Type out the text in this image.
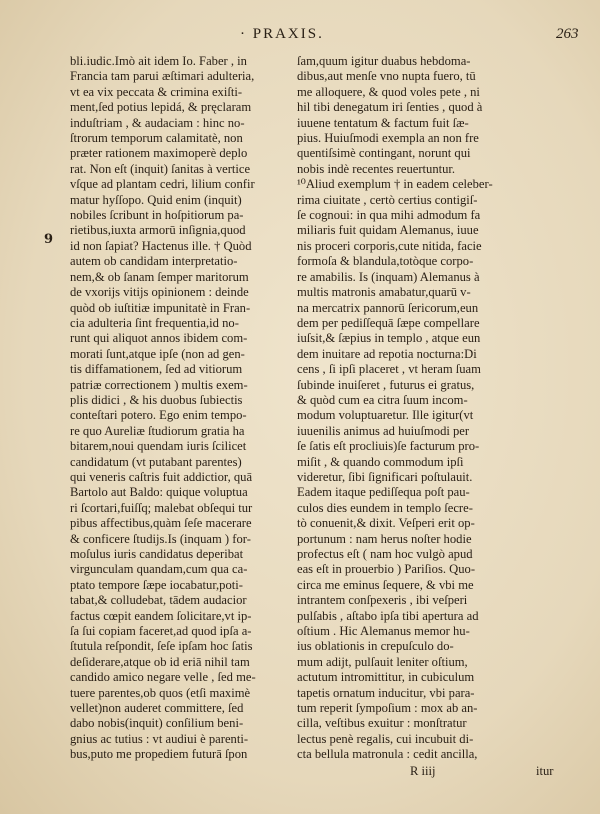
· PRAXIS.	263
9
bli.iudic.Imò ait idem Io. Faber , in
Francia tam parui æſtimari adulteria,
vt ea vix peccata & crimina exiſti-
ment,ſed potius lepidá, & pręclaram
induſtriam , & audaciam : hinc no-
ſtrorum temporum calamitatè, non
præter rationem maximoperè deplo
rat. Non eſt (inquit) ſanitas à vertice
vſque ad plantam cedri, lilium confir
matur hyſſopo. Quid enim (inquit)
nobiles ſcribunt in hoſpitiorum pa-
rietibus,iuxta armorū inſignia,quod
id non ſapiat? Hactenus ille. † Quòd
autem ob candidam interpretatio-
nem,& ob ſanam ſemper maritorum
de vxorijs vitijs opinionem : deinde
quòd ob iuſtitiæ impunitatè in Fran-
cia adulteria ſint frequentia,id no-
runt qui aliquot annos ibidem com-
morati ſunt,atque ipſe (non ad gen-
tis diffamationem, ſed ad vitiorum
patriæ correctionem ) multis exem-
plis didici , & his duobus ſubiectis
conteſtari potero. Ego enim tempo-
re quo Aureliæ ſtudiorum gratia ha
bitarem,noui quendam iuris ſcilicet
candidatum (vt putabant parentes)
qui veneris caſtris fuit addictior, quā
Bartolo aut Baldo: quique voluptua
ri ſcortari,fuiſſq; malebat obſequi tur
pibus affectibus,quàm ſeſe macerare
& conficere ſtudijs.Is (inquam ) for-
moſulus iuris candidatus deperibat
virgunculam quandam,cum qua ca-
ptato tempore ſæpe iocabatur,poti-
tabat,& colludebat, tādem audacior
factus cœpit eandem ſolicitare,vt ip-
ſa ſui copiam faceret,ad quod ipſa a-
ſtutula reſpondit, ſeſe ipſam hoc ſatis
deſiderare,atque ob id eriā nihil tam
candido amico negare velle , ſed me-
tuere parentes,ob quos (etſi maximè
vellet)non auderet committere, ſed
dabo nobis(inquit) conſilium beni-
gnius ac tutius : vt audiui è parenti-
bus,puto me propediem futurā ſpon
ſam,quum igitur duabus hebdoma-
dibus,aut menſe vno nupta fuero, tū
me alloquere, & quod voles pete , ni
hil tibi denegatum iri ſenties , quod à
iuuene tentatum & factum fuit ſæ-
pius. Huiuſmodi exempla an non fre
quentiſsimè contingant, norunt qui
nobis indè recentes reuertuntur.
¹⁰Aliud exemplum † in eadem celeber-
rima ciuitate , certò certius contigiſ-
ſe cognoui: in qua mihi admodum fa
miliaris fuit quidam Alemanus, iuue
nis proceri corporis,cute nitida, facie
formoſa & blandula,totòque corpo-
re amabilis. Is (inquam) Alemanus à
multis matronis amabatur,quarū v-
na mercatrix pannorū ſericorum,eun
dem per pediſſequā ſæpe compellare
iuſsit,& ſæpius in templo , atque eun
dem inuitare ad repotia nocturna:Di
cens , ſi ipſi placeret , vt heram ſuam
ſubinde inuiſeret , futurus ei gratus,
& quòd cum ea citra ſuum incom-
modum voluptuaretur. Ille igitur(vt
iuuenilis animus ad huiuſmodi per
ſe ſatis eſt procliuis)ſe facturum pro-
miſit , & quando commodum ipſi
videretur, ſibi ſignificari poſtulauit.
Eadem itaque pediſſequa poſt pau-
culos dies eundem in templo ſecre-
tò conuenit,& dixit. Veſperi erit op-
portunum : nam herus noſter hodie
profectus eſt ( nam hoc vulgò apud
eas eſt in prouerbio ) Pariſios. Quo-
circa me eminus ſequere, & vbi me
intrantem conſpexeris , ibi veſperi
pulſabis , aſtabo ipſa tibi apertura ad
oſtium . Hic Alemanus memor hu-
ius oblationis in crepuſculo do-
mum adijt, pulſauit leniter oſtium,
actutum intromittitur, in cubiculum
tapetis ornatum inducitur, vbi para-
tum reperit ſympoſium : mox ab an-
cilla, veſtibus exuitur : monſtratur
lectus penè regalis, cui incubuit di-
cta bellula matronula : cedit ancilla,
R iiij	itur
